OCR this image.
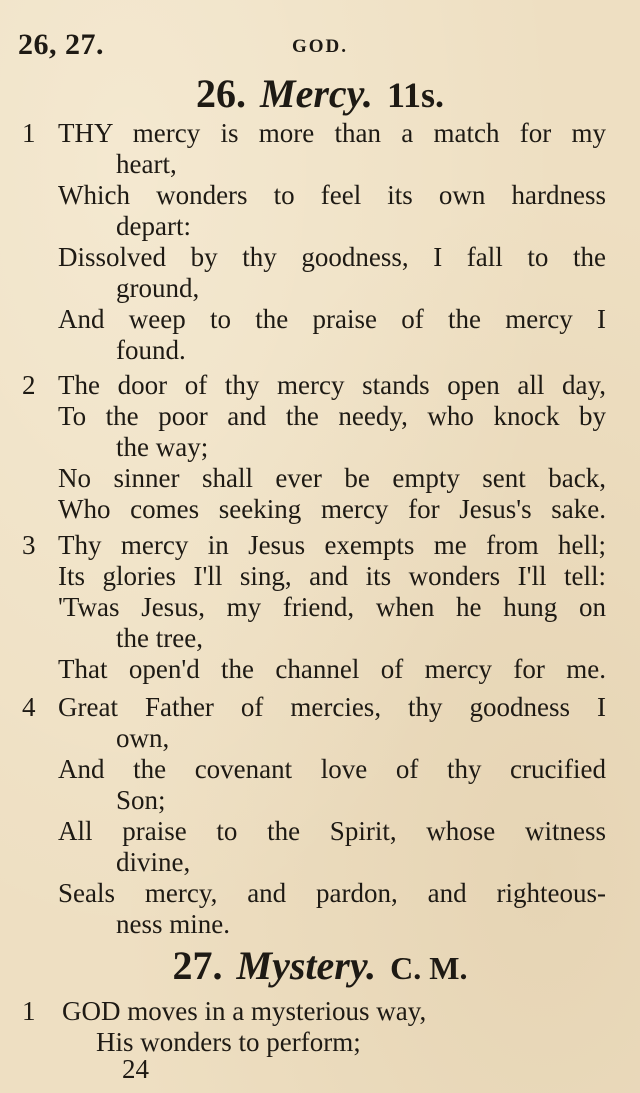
26, 27.	GOD.
26. Mercy. 11s.
1 THY mercy is more than a match for my
heart,
Which wonders to feel its own hardness
depart:
Dissolved by thy goodness, I fall to the
ground,
And weep to the praise of the mercy I
found.
2 The door of thy mercy stands open all day,
To the poor and the needy, who knock by
the way;
No sinner shall ever be empty sent back,
Who comes seeking mercy for Jesus's sake.
3 Thy mercy in Jesus exempts me from hell;
Its glories I'll sing, and its wonders I'll tell:
'Twas Jesus, my friend, when he hung on
the tree,
That open'd the channel of mercy for me.
4 Great Father of mercies, thy goodness I
own,
And the covenant love of thy crucified
Son;
All praise to the Spirit, whose witness
divine,
Seals mercy, and pardon, and righteous-
ness mine.
27. Mystery. C. M.
1 GOD moves in a mysterious way,
His wonders to perform;
24
